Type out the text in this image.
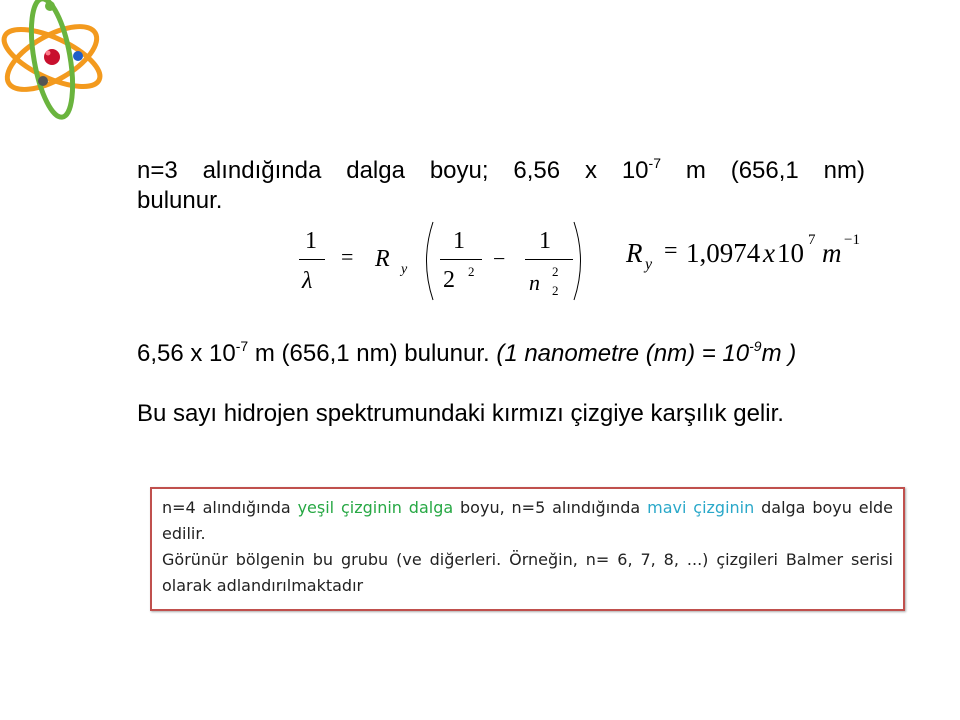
n=3 alındığında dalga boyu; 6,56 x $10^{-7}$ m (656,1 nm)
bulunur.
1
λ
= R y
1
2 2
−
1
n 2
2
R y
= 1,0974 x 10 7 m −1
6,56 x $10^{-7}$ m (656,1 nm) bulunur. (1 nanometre $(nm) = 10^{-9}m$ )
Bu sayı hidrojen spektrumundaki kırmızı çizgiye karşılık gelir.

n=4 alındığında yeşil çizginin dalga boyu, n=5 alındığında mavi çizginin dalga boyu elde edilir.

Görünür bölgenin bu grubu (ve diğerleri. Örneğin, n= 6, 7, 8, ...) çizgileri Balmer serisi olarak adlandırılmaktadır
